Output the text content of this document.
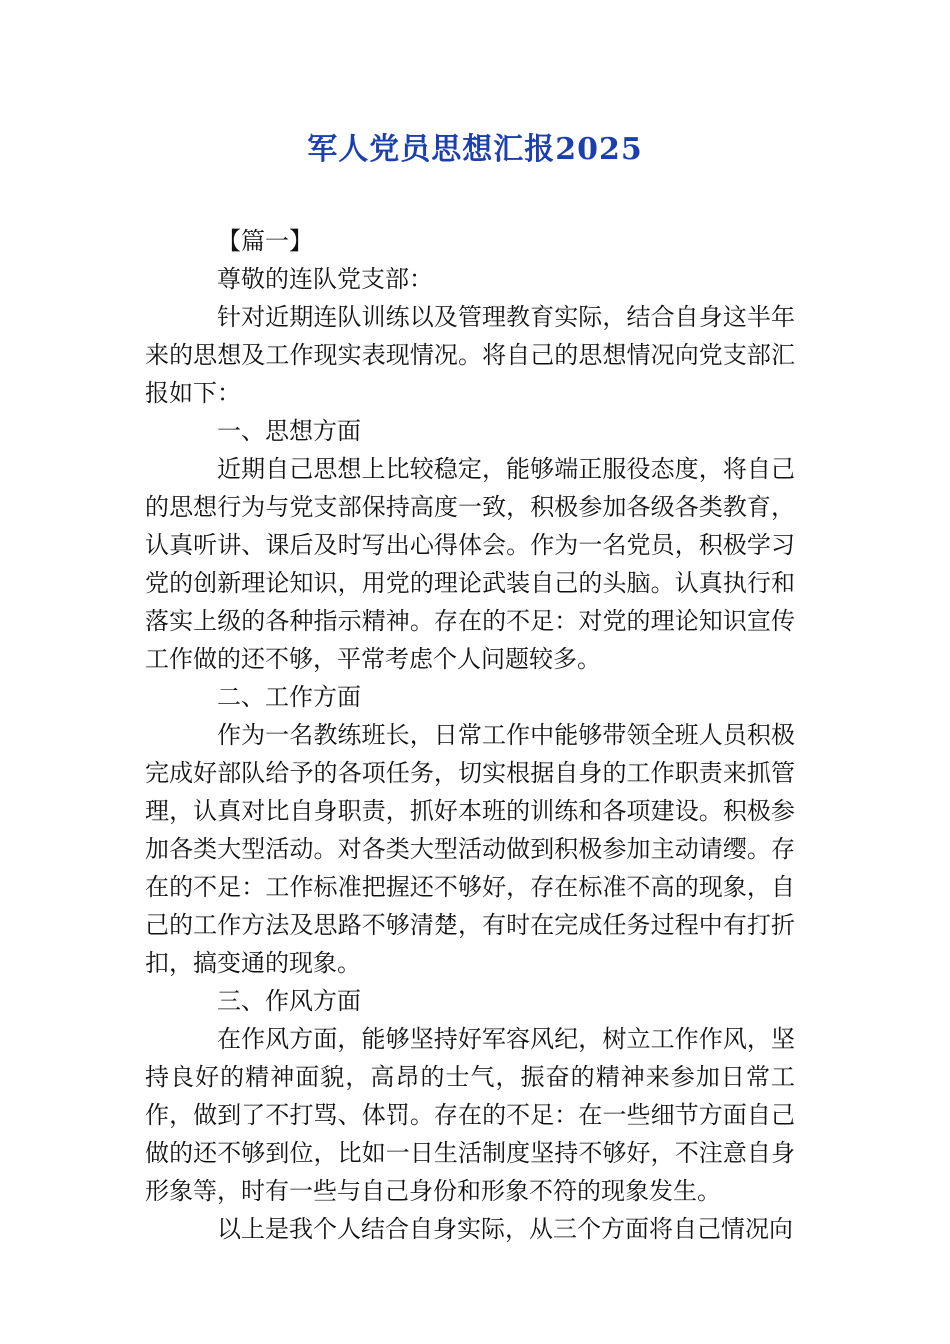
军人党员思想汇报2025

【篇一】

尊敬的连队党支部：

针对近期连队训练以及管理教育实际，结合自身这半年来的思想及工作现实表现情况。将自己的思想情况向党支部汇报如下：

一、思想方面

近期自己思想上比较稳定，能够端正服役态度，将自己的思想行为与党支部保持高度一致，积极参加各级各类教育，认真听讲、课后及时写出心得体会。作为一名党员，积极学习党的创新理论知识，用党的理论武装自己的头脑。认真执行和落实上级的各种指示精神。存在的不足：对党的理论知识宣传工作做的还不够，平常考虑个人问题较多。

二、工作方面

作为一名教练班长，日常工作中能够带领全班人员积极完成好部队给予的各项任务，切实根据自身的工作职责来抓管理，认真对比自身职责，抓好本班的训练和各项建设。积极参加各类大型活动。对各类大型活动做到积极参加主动请缨。存在的不足：工作标准把握还不够好，存在标准不高的现象，自己的工作方法及思路不够清楚，有时在完成任务过程中有打折扣，搞变通的现象。

三、作风方面

在作风方面，能够坚持好军容风纪，树立工作作风，坚持良好的精神面貌，高昂的士气，振奋的精神来参加日常工作，做到了不打骂、体罚。存在的不足：在一些细节方面自己做的还不够到位，比如一日生活制度坚持不够好，不注意自身形象等，时有一些与自己身份和形象不符的现象发生。

以上是我个人结合自身实际，从三个方面将自己情况向
